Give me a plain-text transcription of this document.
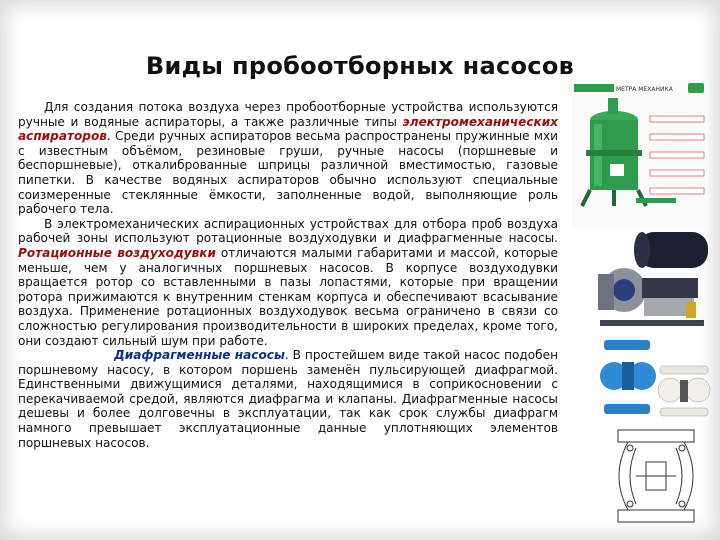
Виды пробоотборных насосов

Для создания потока воздуха через пробоотборные устройства используются ручные и водяные аспираторы, а также различные типы электромеханических аспираторов. Среди ручных аспираторов весьма распространены пружинные мхи с известным объёмом, резиновые груши, ручные насосы (поршневые и беспоршневые), откалиброванные шприцы различной вместимостью, газовые пипетки. В качестве водяных аспираторов обычно используют специальные соизмеренные стеклянные ёмкости, заполненные водой, выполняющие роль рабочего тела.

В электромеханических аспирационных устройствах для отбора проб воздуха рабочей зоны используют ротационные воздуходувки и диафрагменные насосы. Ротационные воздуходувки отличаются малыми габаритами и массой, которые меньше, чем у аналогичных поршневых насосов. В корпусе воздуходувки вращается ротор со вставленными в пазы лопастями, которые при вращении ротора прижимаются к внутренним стенкам корпуса и обеспечивают всасывание воздуха. Применение ротационных воздуходувок весьма ограничено в связи со сложностью регулирования производительности в широких пределах, кроме того, они создают сильный шум при работе.

Диафрагменные насосы. В простейшем виде такой насос подобен поршневому насосу, в котором поршень заменён пульсирующей диафрагмой. Единственными движущимися деталями, находящимися в соприкосновении с перекачиваемой средой, являются диафрагма и клапаны. Диафрагменные насосы дешевы и более долговечны в эксплуатации, так как срок службы диафрагм намного превышает эксплуатационные данные уплотняющих элементов поршневых насосов.

МЕТРА МЕХАНИКА
